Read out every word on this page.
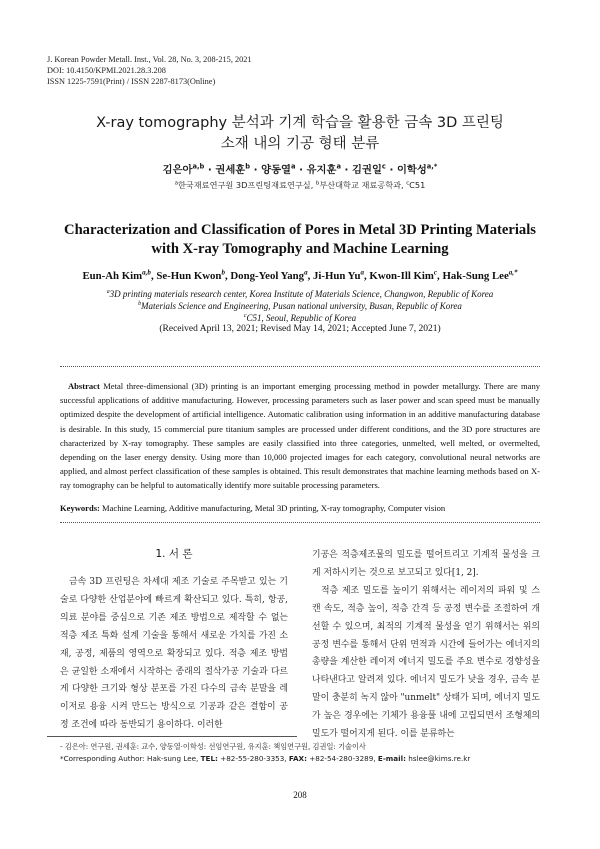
J. Korean Powder Metall. Inst., Vol. 28, No. 3, 208-215, 2021
DOI: 10.4150/KPMI.2021.28.3.208
ISSN 1225-7591(Print) / ISSN 2287-8173(Online)
X-ray tomography 분석과 기계 학습을 활용한 금속 3D 프린팅
소재 내의 기공 형태 분류
김은아$^{a,b}$ · 권세훈$^b$ · 양동열$^a$ · 유지훈$^a$ · 김권일$^c$ · 이학성$^{a,*}$
$^a$한국재료연구원 3D프린팅재료연구실, $^b$부산대학교 재료공학과, $^c$C51
Characterization and Classification of Pores in Metal 3D Printing Materials
with X-ray Tomography and Machine Learning
Eun-Ah Kim$^{a,b}$, Se-Hun Kwon$^b$, Dong-Yeol Yang$^a$, Ji-Hun Yu$^a$, Kwon-Ill Kim$^c$, Hak-Sung Lee$^{a,*}$
$^a$3D printing materials research center, Korea Institute of Materials Science, Changwon, Republic of Korea
$^b$Materials Science and Engineering, Pusan national university, Busan, Republic of Korea
$^c$C51, Seoul, Republic of Korea
(Received April 13, 2021; Revised May 14, 2021; Accepted June 7, 2021)
Abstract Metal three-dimensional (3D) printing is an important emerging processing method in powder metallurgy. There are many successful applications of additive manufacturing. However, processing parameters such as laser power and scan speed must be manually optimized despite the development of artificial intelligence. Automatic calibration using information in an additive manufacturing database is desirable. In this study, 15 commercial pure titanium samples are processed under different conditions, and the 3D pore structures are characterized by X-ray tomography. These samples are easily classified into three categories, unmelted, well melted, or overmelted, depending on the laser energy density. Using more than 10,000 projected images for each category, convolutional neural networks are applied, and almost perfect classification of these samples is obtained. This result demonstrates that machine learning methods based on X-ray tomography can be helpful to automatically identify more suitable processing parameters.
Keywords: Machine Learning, Additive manufacturing, Metal 3D printing, X-ray tomography, Computer vision
1. 서 론

금속 3D 프린팅은 차세대 제조 기술로 주목받고 있는 기술로 다양한 산업분야에 빠르게 확산되고 있다. 특히, 항공, 의료 분야를 중심으로 기존 제조 방법으로 제작할 수 없는 적층 제조 특화 설계 기술을 통해서 새로운 가치를 가진 소재, 공정, 제품의 영역으로 확장되고 있다. 적층 제조 방법은 균일한 소재에서 시작하는 종래의 절삭가공 기술과 다르게 다양한 크기와 형상 분포를 가진 다수의 금속 분말을 레이저로 용융 시켜 만드는 방식으로 기공과 같은 결함이 공정 조건에 따라 동반되기 용이하다. 이러한

기공은 적층제조물의 밀도를 떨어트리고 기계적 물성을 크게 저하시키는 것으로 보고되고 있다[1, 2].

적층 제조 밀도를 높이기 위해서는 레이저의 파워 및 스캔 속도, 적층 높이, 적층 간격 등 공정 변수를 조절하여 개선할 수 있으며, 최적의 기계적 물성을 얻기 위해서는 위의 공정 변수를 통해서 단위 면적과 시간에 들어가는 에너지의 총량을 계산한 레이저 에너지 밀도를 주요 변수로 경향성을 나타낸다고 알려져 있다. 에너지 밀도가 낮을 경우, 금속 분말이 충분히 녹지 않아 "unmelt" 상태가 되며, 에너지 밀도가 높은 경우에는 기체가 용융풀 내에 고립되면서 조형체의 밀도가 떨어지게 된다. 이를 분류하는

- 김은아: 연구원, 권세훈: 교수, 양동열·이학성: 선임연구원, 유지훈: 책임연구원, 김권일: 기술이사
*Corresponding Author: Hak-sung Lee, TEL: +82-55-280-3353, FAX: +82-54-280-3289, E-mail: hslee@kims.re.kr
208
